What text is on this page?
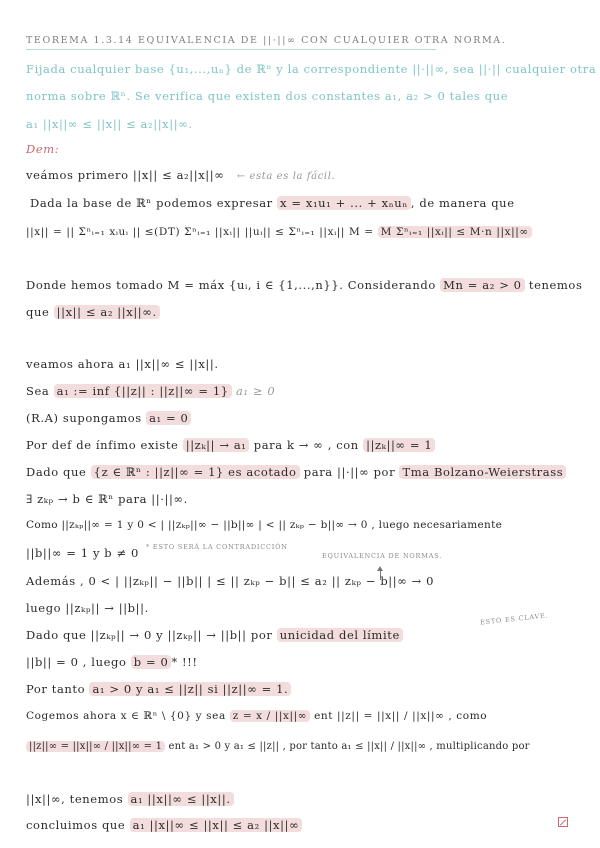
TEOREMA 1.3.14 EQUIVALENCIA DE ||·||∞ CON CUALQUIER OTRA NORMA.
Fijada cualquier base {u₁,...,uₙ} de ℝⁿ y la correspondiente ||·||∞, sea ||·|| cualquier otra
norma sobre ℝⁿ. Se verifica que existen dos constantes a₁, a₂ > 0 tales que
a₁ ||x||∞ ≤ ||x|| ≤ a₂||x||∞.
Dem:
veámos primero ||x|| ≤ a₂||x||∞ ← esta es la fácil.
Dada la base de ℝⁿ podemos expresar x = x₁u₁ + ... + xₙuₙ , de manera que
||x|| = || Σⁿᵢ₌₁ xᵢuᵢ || ≤(DT) Σⁿᵢ₌₁ ||xᵢ|| ||uᵢ|| ≤ Σⁿᵢ₌₁ ||xᵢ|| M = M Σⁿᵢ₌₁ ||xᵢ|| ≤ M·n ||x||∞
Donde hemos tomado M = máx {uᵢ, i ∈ {1,...,n}}. Considerando Mn = a₂ > 0 tenemos
que ||x|| ≤ a₂ ||x||∞.
veamos ahora a₁ ||x||∞ ≤ ||x||.
Sea a₁ := inf {||z|| : ||z||∞ = 1} a₁ ≥ 0
(R.A) supongamos a₁ = 0
Por def de ínfimo existe ||zₖ|| → a₁ para k → ∞ , con ||zₖ||∞ = 1
Dado que {z ∈ ℝⁿ : ||z||∞ = 1} es acotado para ||·||∞ por Tma Bolzano-Weierstrass
∃ zₖₚ → b ∈ ℝⁿ para ||·||∞.
Como ||zₖₚ||∞ = 1 y 0 < | ||zₖₚ||∞ − ||b||∞ | < || zₖₚ − b||∞ → 0 , luego necesariamente
||b||∞ = 1 y b ≠ 0 * ESTO SERÁ LA CONTRADICCIÓN
EQUIVALENCIA DE NORMAS.
Además , 0 < | ||zₖₚ|| − ||b|| | ≤ || zₖₚ − b|| ≤ a₂ || zₖₚ − b||∞ → 0
luego ||zₖₚ|| → ||b||.
Dado que ||zₖₚ|| → 0 y ||zₖₚ|| → ||b|| por unicidad del límite
ESTO ES CLAVE.
||b|| = 0 , luego b = 0 * !!!
Por tanto a₁ > 0 y a₁ ≤ ||z|| si ||z||∞ = 1.
Cogemos ahora x ∈ ℝⁿ \ {0} y sea z = x / ||x||∞ ent ||z|| = ||x|| / ||x||∞ , como
||z||∞ = ||x||∞ / ||x||∞ = 1 ent a₁ > 0 y a₁ ≤ ||z|| , por tanto a₁ ≤ ||x|| / ||x||∞ , multiplicando por
||x||∞, tenemos a₁ ||x||∞ ≤ ||x||.
concluimos que a₁ ||x||∞ ≤ ||x|| ≤ a₂ ||x||∞
